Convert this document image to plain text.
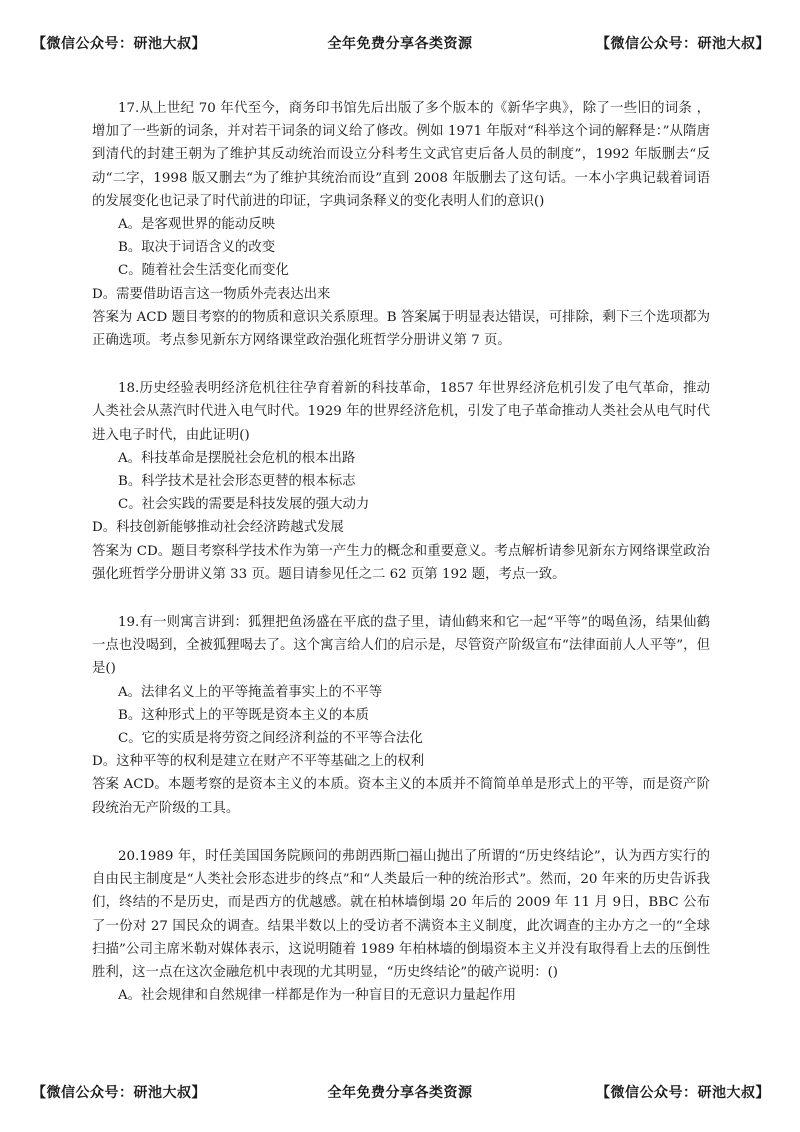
【微信公众号：研池大叔】	全年免费分享各类资源	【微信公众号：研池大叔】

17.从上世纪 70 年代至今，商务印书馆先后出版了多个版本的《新华字典》，除了一些旧的词条 ，增加了一些新的词条，并对若干词条的词义给了修改。例如 1971 年版对“科举这个词的解释是：”从隋唐到清代的封建王朝为了维护其反动统治而设立分科考生文武官吏后备人员的制度”，1992 年版删去“反动“二字，1998 版又删去“为了维护其统治而设”直到 2008 年版删去了这句话。一本小字典记载着词语的发展变化也记录了时代前进的印证，字典词条释义的变化表明人们的意识()

A。是客观世界的能动反映

B。取决于词语含义的改变

C。随着社会生活变化而变化

D。需要借助语言这一物质外壳表达出来

答案为 ACD 题目考察的的物质和意识关系原理。B 答案属于明显表达错误，可排除，剩下三个选项都为正确选项。考点参见新东方网络课堂政治强化班哲学分册讲义第 7 页。

18.历史经验表明经济危机往往孕育着新的科技革命，1857 年世界经济危机引发了电气革命，推动人类社会从蒸汽时代进入电气时代。1929 年的世界经济危机，引发了电子革命推动人类社会从电气时代进入电子时代，由此证明()

A。科技革命是摆脱社会危机的根本出路

B。科学技术是社会形态更替的根本标志

C。社会实践的需要是科技发展的强大动力

D。科技创新能够推动社会经济跨越式发展

答案为 CD。题目考察科学技术作为第一产生力的概念和重要意义。考点解析请参见新东方网络课堂政治强化班哲学分册讲义第 33 页。题目请参见任之二 62 页第 192 题，考点一致。

19.有一则寓言讲到：狐狸把鱼汤盛在平底的盘子里，请仙鹤来和它一起“平等”的喝鱼汤，结果仙鹤一点也没喝到，全被狐狸喝去了。这个寓言给人们的启示是，尽管资产阶级宣布“法律面前人人平等”，但是()

A。法律名义上的平等掩盖着事实上的不平等

B。这种形式上的平等既是资本主义的本质

C。它的实质是将劳资之间经济利益的不平等合法化

D。这种平等的权利是建立在财产不平等基础之上的权利

答案 ACD。本题考察的是资本主义的本质。资本主义的本质并不简简单单是形式上的平等，而是资产阶段统治无产阶级的工具。

20.1989 年，时任美国国务院顾问的弗朗西斯□福山抛出了所谓的“历史终结论”，认为西方实行的自由民主制度是“人类社会形态进步的终点”和“人类最后一种的统治形式”。然而，20 年来的历史告诉我们，终结的不是历史，而是西方的优越感。就在柏林墙倒塌 20 年后的 2009 年 11 月 9日，BBC 公布了一份对 27 国民众的调查。结果半数以上的受访者不满资本主义制度，此次调查的主办方之一的“全球扫描”公司主席米勒对媒体表示，这说明随着 1989 年柏林墙的倒塌资本主义并没有取得看上去的压倒性胜利，这一点在这次金融危机中表现的尤其明显，“历史终结论”的破产说明：()

A。社会规律和自然规律一样都是作为一种盲目的无意识力量起作用

【微信公众号：研池大叔】	全年免费分享各类资源	【微信公众号：研池大叔】
